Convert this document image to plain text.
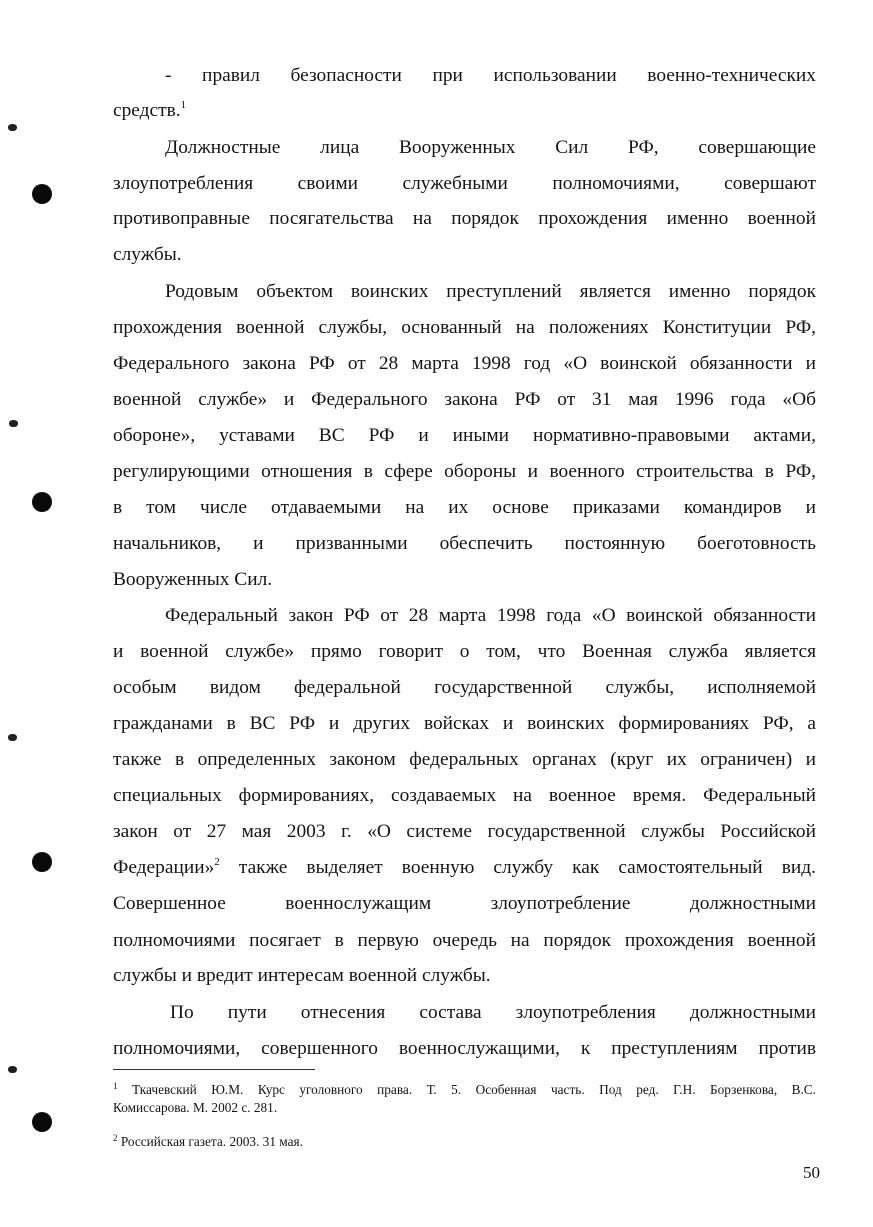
- правил безопасности при использовании военно-технических
средств.$^1$
Должностные лица Вооруженных Сил РФ, совершающие
злоупотребления своими служебными полномочиями, совершают
противоправные посягательства на порядок прохождения именно военной
службы.
Родовым объектом воинских преступлений является именно порядок
прохождения военной службы, основанный на положениях Конституции РФ,
Федерального закона РФ от 28 марта 1998 год «О воинской обязанности и
военной службе» и Федерального закона РФ от 31 мая 1996 года «Об
обороне», уставами ВС РФ и иными нормативно-правовыми актами,
регулирующими отношения в сфере обороны и военного строительства в РФ,
в том числе отдаваемыми на их основе приказами командиров и
начальников, и призванными обеспечить постоянную боеготовность
Вооруженных Сил.
Федеральный закон РФ от 28 марта 1998 года «О воинской обязанности
и военной службе» прямо говорит о том, что Военная служба является
особым видом федеральной государственной службы, исполняемой
гражданами в ВС РФ и других войсках и воинских формированиях РФ, а
также в определенных законом федеральных органах (круг их ограничен) и
специальных формированиях, создаваемых на военное время. Федеральный
закон от 27 мая 2003 г. «О системе государственной службы Российской
Федерации»$^2$ также выделяет военную службу как самостоятельный вид.
Совершенное военнослужащим злоупотребление должностными
полномочиями посягает в первую очередь на порядок прохождения военной
службы и вредит интересам военной службы.
По пути отнесения состава злоупотребления должностными
полномочиями, совершенного военнослужащими, к преступлениям против
$^1$ Ткачевский Ю.М. Курс уголовного права. Т. 5. Особенная часть. Под ред. Г.Н. Борзенкова, В.С.
Комиссарова. М. 2002 с. 281.
$^2$ Российская газета. 2003. 31 мая.
50
